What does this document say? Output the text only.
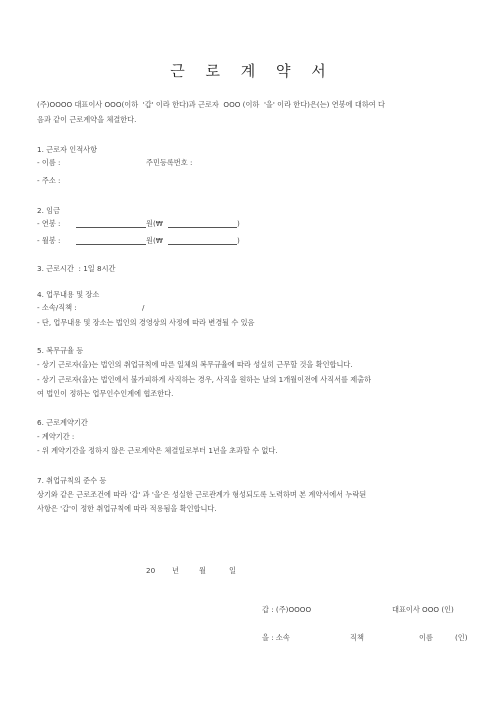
근 로 계 약 서
(주)OOOO 대표이사 OOO(이하  '갑' 이라 한다)과 근로자  OOO (이하  '을' 이라 한다)은(는) 연봉에 대하여 다
음과 같이 근로계약을 체결한다.
1. 근로자 인적사항
- 이름 :	주민등록번호 :
- 주소 :
2. 임금
- 연봉 :	원(₩	)
- 월봉 :	원(₩	)
3. 근로시간  : 1일 8시간
4. 업무내용 및 장소
- 소속/직책 :	/
- 단, 업무내용 및 장소는 법인의 경영상의 사정에 따라 변경될 수 있음
5. 복무규율 등
- 상기 근로자(을)는 법인의 취업규칙에 따른 일체의 복무규율에 따라 성실히 근무할 것을 확인합니다.
- 상기 근로자(을)는 법인에서 불가피하게 사직하는 경우, 사직을 원하는 날의 1개월이전에 사직서를 제출하
여 법인이 정하는 업무인수인계에 협조한다.
6. 근로계약기간
- 계약기간 :
- 위 계약기간을 정하지 않은 근로계약은 체결일로부터 1년을 초과할 수 없다.
7. 취업규칙의 준수 등
상기와 같은 근로조건에 따라 '갑' 과 '을'은 성실한 근로관계가 형성되도록 노력하며 본 계약서에서 누락된
사항은 '갑'이 정한 취업규칙에 따라 적용됨을 확인합니다.
20 년	월	일
갑 : (주)OOOO	대표이사 OOO (인)
을 : 소속	직책	이름	(인)
